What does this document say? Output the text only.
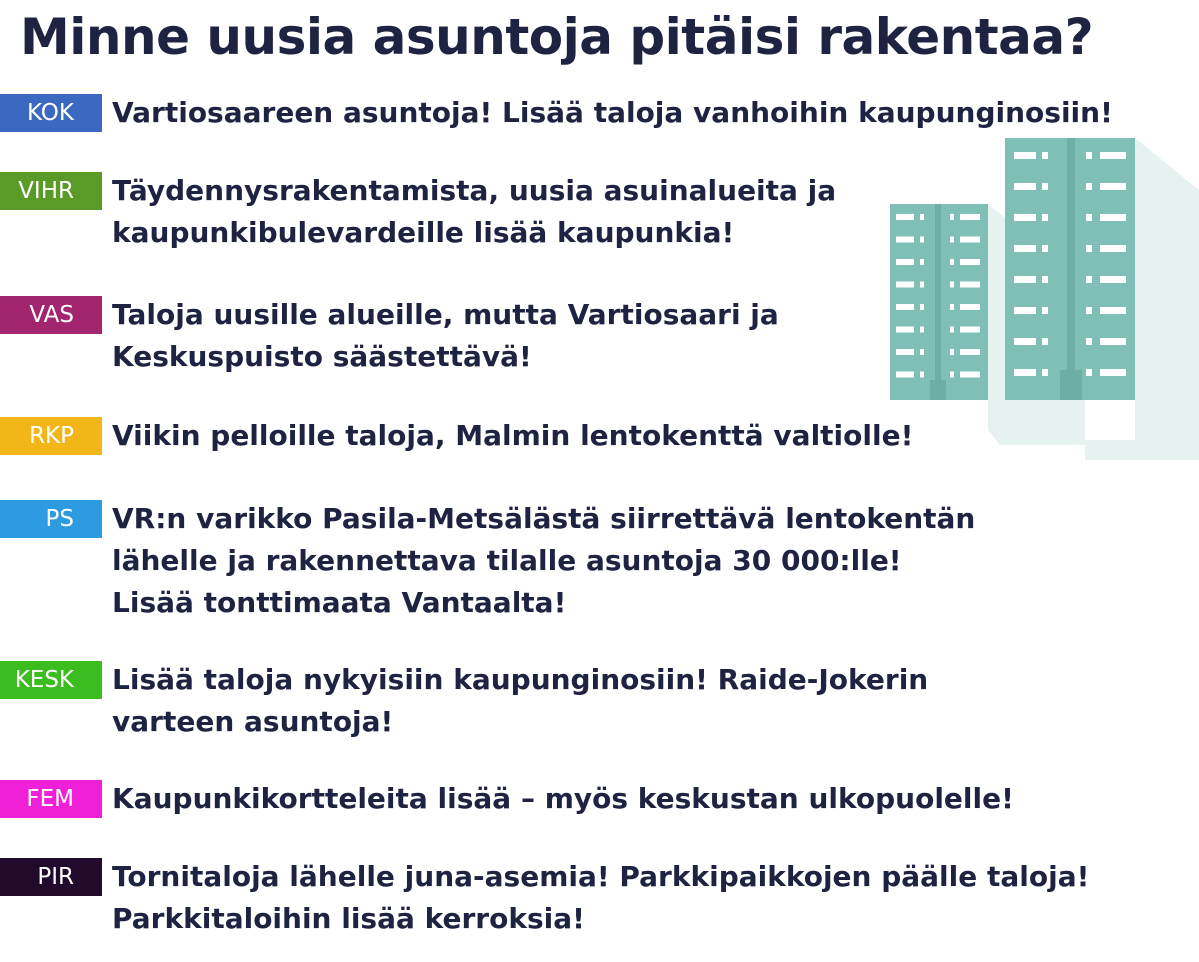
Minne uusia asuntoja pitäisi rakentaa?
KOK	Vartiosaareen asuntoja! Lisää taloja vanhoihin kaupunginosiin!
VIHR	Täydennysrakentamista, uusia asuinalueita ja
kaupunkibulevardeille lisää kaupunkia!
VAS	Taloja uusille alueille, mutta Vartiosaari ja
Keskuspuisto säästettävä!
RKP	Viikin pelloille taloja, Malmin lentokenttä valtiolle!
PS	VR:n varikko Pasila-Metsälästä siirrettävä lentokentän
lähelle ja rakennettava tilalle asuntoja 30 000:lle!
Lisää tonttimaata Vantaalta!
KESK	Lisää taloja nykyisiin kaupunginosiin! Raide-Jokerin
varteen asuntoja!
FEM	Kaupunkikortteleita lisää – myös keskustan ulkopuolelle!
PIR	Tornitaloja lähelle juna-asemia! Parkkipaikkojen päälle taloja!
Parkkitaloihin lisää kerroksia!
